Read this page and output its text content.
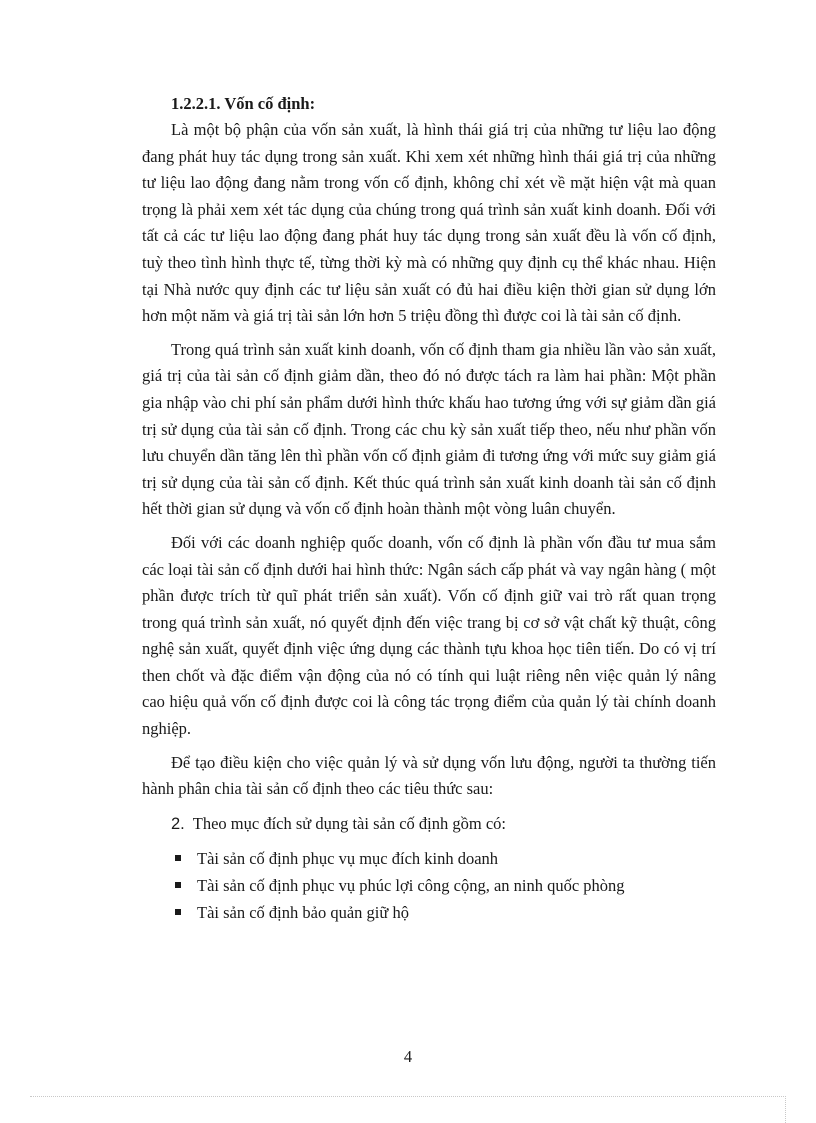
1.2.2.1. Vốn cố định:

Là một bộ phận của vốn sản xuất, là hình thái giá trị của những tư liệu lao động đang phát huy tác dụng trong sản xuất. Khi xem xét những hình thái giá trị của những tư liệu lao động đang nằm trong vốn cố định, không chỉ xét về mặt hiện vật mà quan trọng là phải xem xét tác dụng của chúng trong quá trình sản xuất kinh doanh. Đối với tất cả các tư liệu lao động đang phát huy tác dụng trong sản xuất đều là vốn cố định, tuỳ theo tình hình thực tế, từng thời kỳ mà có những quy định cụ thể khác nhau. Hiện tại Nhà nước quy định các tư liệu sản xuất có đủ hai điều kiện thời gian sử dụng lớn hơn một năm và giá trị tài sản lớn hơn 5 triệu đồng thì được coi là tài sản cố định.

Trong quá trình sản xuất kinh doanh, vốn cố định tham gia nhiều lần vào sản xuất, giá trị của tài sản cố định giảm dần, theo đó nó được tách ra làm hai phần: Một phần gia nhập vào chi phí sản phẩm dưới hình thức khấu hao tương ứng với sự giảm dần giá trị sử dụng của tài sản cố định. Trong các chu kỳ sản xuất tiếp theo, nếu như phần vốn lưu chuyển dần tăng lên thì phần vốn cố định giảm đi tương ứng với mức suy giảm giá trị sử dụng của tài sản cố định. Kết thúc quá trình sản xuất kinh doanh tài sản cố định hết thời gian sử dụng và vốn cố định hoàn thành một vòng luân chuyển.

Đối với các doanh nghiệp quốc doanh, vốn cố định là phần vốn đầu tư mua sắm các loại tài sản cố định dưới hai hình thức: Ngân sách cấp phát và vay ngân hàng ( một phần được trích từ quĩ phát triển sản xuất). Vốn cố định giữ vai trò rất quan trọng trong quá trình sản xuất, nó quyết định đến việc trang bị cơ sở vật chất kỹ thuật, công nghệ sản xuất, quyết định việc ứng dụng các thành tựu khoa học tiên tiến. Do có vị trí then chốt và đặc điểm vận động của nó có tính qui luật riêng nên việc quản lý nâng cao hiệu quả vốn cố định được coi là công tác trọng điểm của quản lý tài chính doanh nghiệp.

Để tạo điều kiện cho việc quản lý và sử dụng vốn lưu động, người ta thường tiến hành phân chia tài sản cố định theo các tiêu thức sau:

2. Theo mục đích sử dụng tài sản cố định gồm có:
Tài sản cố định phục vụ mục đích kinh doanh
Tài sản cố định phục vụ phúc lợi công cộng, an ninh quốc phòng
Tài sản cố định bảo quản giữ hộ
4
